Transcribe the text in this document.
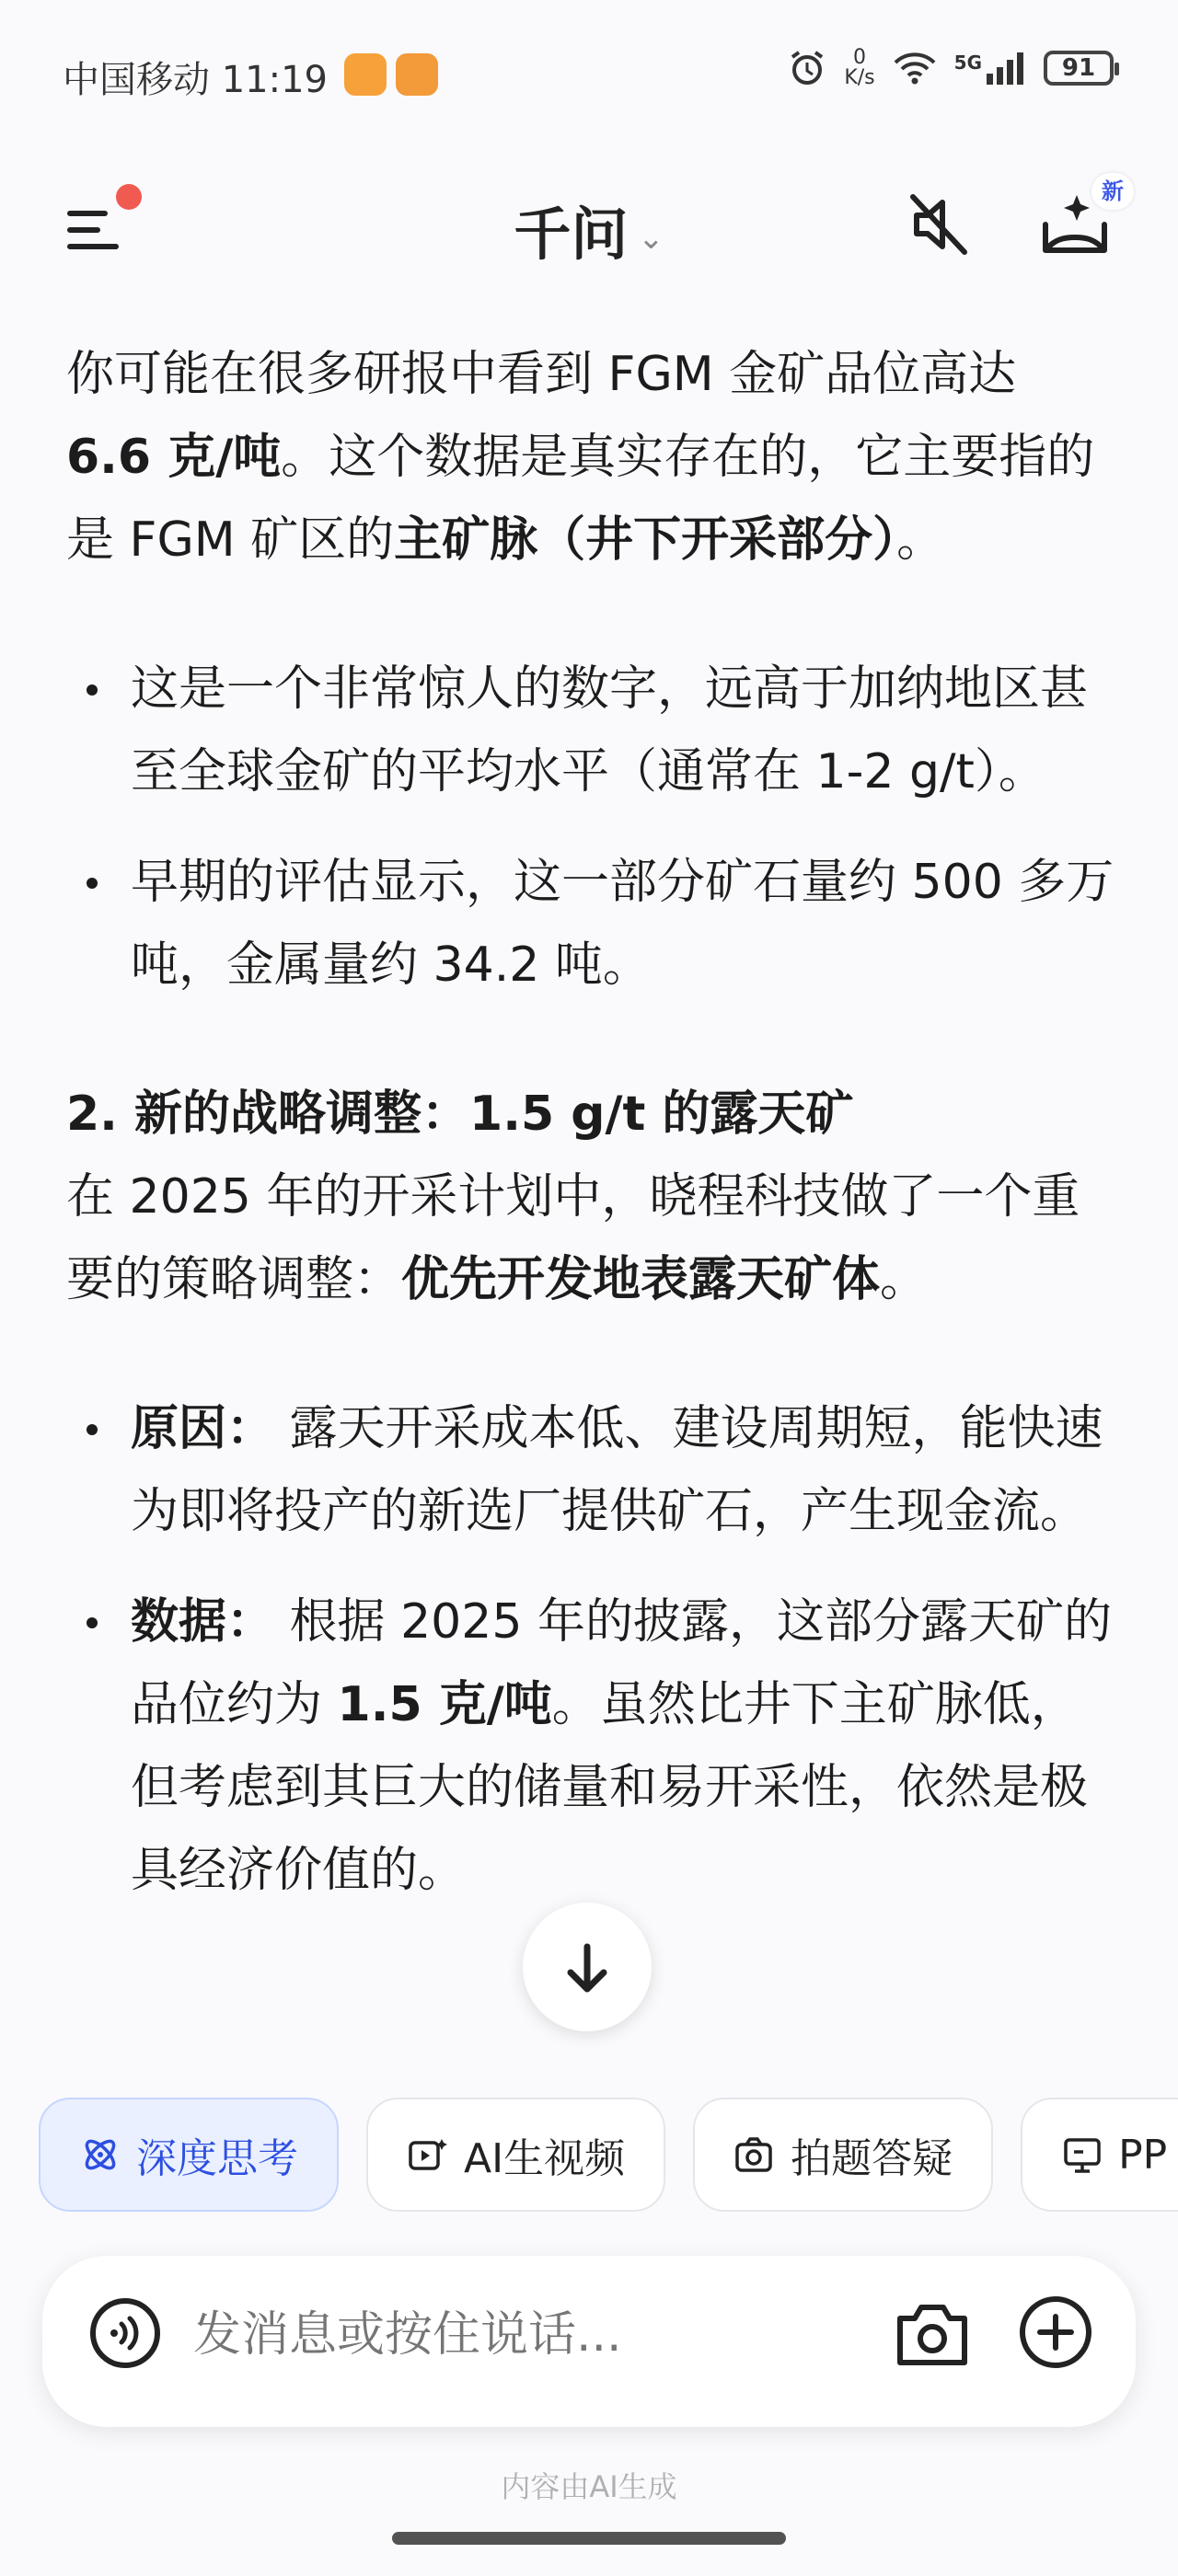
中国移动 11:19
0
K/s
5G	91
千问 ⌄
新

你可能在很多研报中看到 FGM 金矿品位高达 6.6 克/吨。这个数据是真实存在的，它主要指的是 FGM 矿区的主矿脉（井下开采部分）。

这是一个非常惊人的数字，远高于加纳地区甚至全球金矿的平均水平（通常在 1-2 g/t）。
早期的评估显示，这一部分矿石量约 500 多万吨，金属量约 34.2 吨。

2. 新的战略调整：1.5 g/t 的露天矿

在 2025 年的开采计划中，晓程科技做了一个重要的策略调整：优先开发地表露天矿体。

原因： 露天开采成本低、建设周期短，能快速为即将投产的新选厂提供矿石，产生现金流。
数据： 根据 2025 年的披露，这部分露天矿的品位约为 1.5 克/吨。虽然比井下主矿脉低，但考虑到其巨大的储量和易开采性，依然是极具经济价值的。
深度思考	AI生视频	拍题答疑	PP
发消息或按住说话...
内容由AI生成
